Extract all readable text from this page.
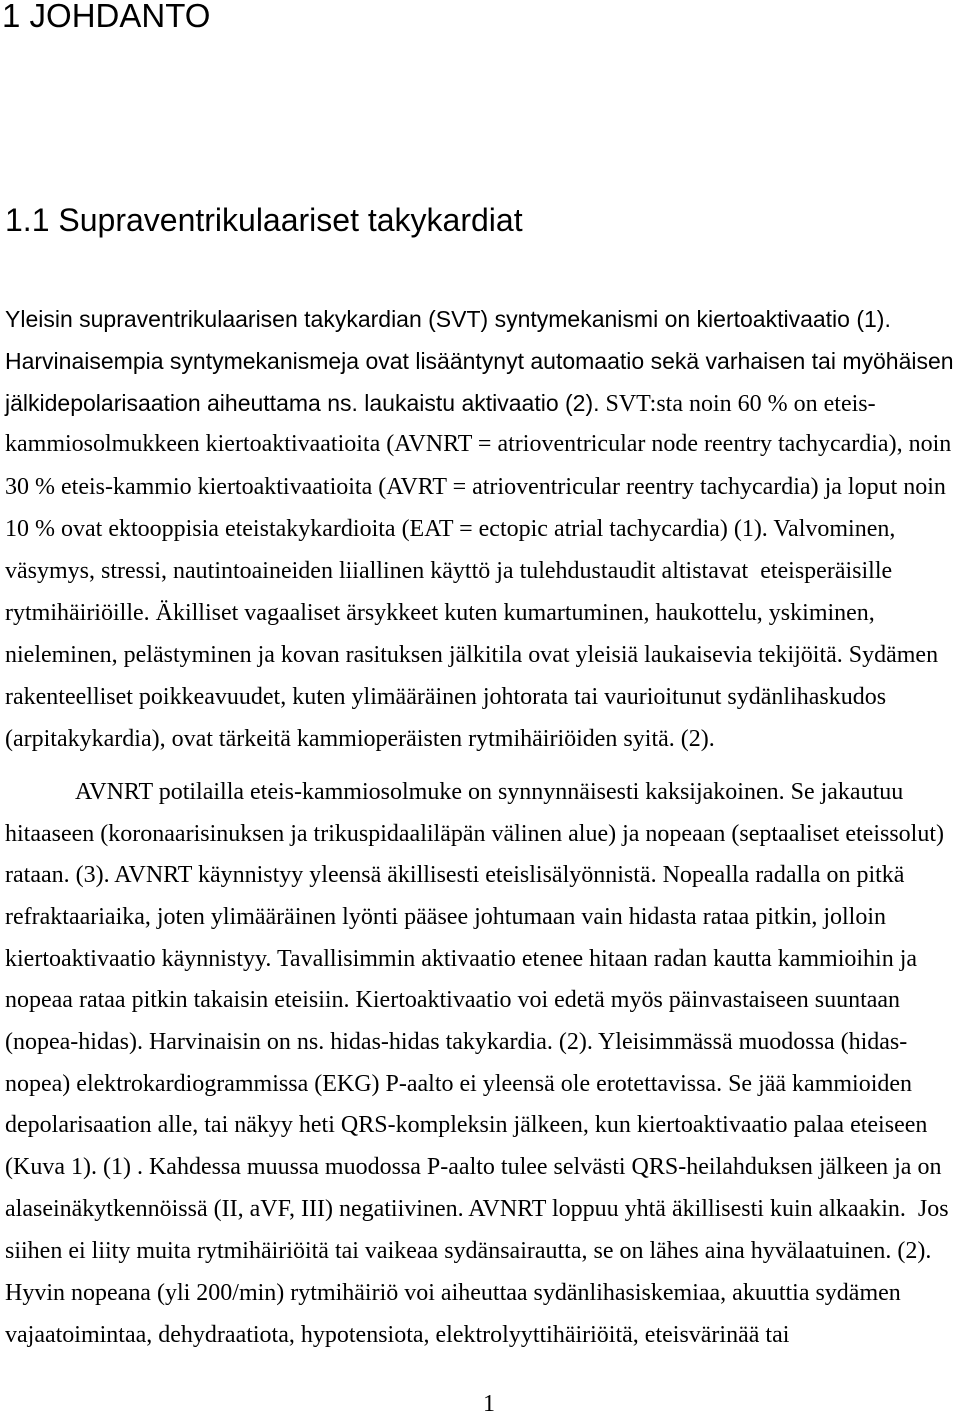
1 JOHDANTO
1.1 Supraventrikulaariset takykardiat
Yleisin supraventrikulaarisen takykardian (SVT) syntymekanismi on kiertoaktivaatio (1).
Harvinaisempia syntymekanismeja ovat lisääntynyt automaatio sekä varhaisen tai myöhäisen
jälkidepolarisaation aiheuttama ns. laukaistu aktivaatio (2). SVT:sta noin 60 % on eteis-
kammiosolmukkeen kiertoaktivaatioita (AVNRT = atrioventricular node reentry tachycardia), noin
30 % eteis-kammio kiertoaktivaatioita (AVRT = atrioventricular reentry tachycardia) ja loput noin
10 % ovat ektooppisia eteistakykardioita (EAT = ectopic atrial tachycardia) (1). Valvominen,
väsymys, stressi, nautintoaineiden liiallinen käyttö ja tulehdustaudit altistavat  eteisperäisille
rytmihäiriöille. Äkilliset vagaaliset ärsykkeet kuten kumartuminen, haukottelu, yskiminen,
nieleminen, pelästyminen ja kovan rasituksen jälkitila ovat yleisiä laukaisevia tekijöitä. Sydämen
rakenteelliset poikkeavuudet, kuten ylimääräinen johtorata tai vaurioitunut sydänlihaskudos
(arpitakykardia), ovat tärkeitä kammioperäisten rytmihäiriöiden syitä. (2).
AVNRT potilailla eteis-kammiosolmuke on synnynnäisesti kaksijakoinen. Se jakautuu
hitaaseen (koronaarisinuksen ja trikuspidaaliläpän välinen alue) ja nopeaan (septaaliset eteissolut)
rataan. (3). AVNRT käynnistyy yleensä äkillisesti eteislisälyönnistä. Nopealla radalla on pitkä
refraktaariaika, joten ylimääräinen lyönti pääsee johtumaan vain hidasta rataa pitkin, jolloin
kiertoaktivaatio käynnistyy. Tavallisimmin aktivaatio etenee hitaan radan kautta kammioihin ja
nopeaa rataa pitkin takaisin eteisiin. Kiertoaktivaatio voi edetä myös päinvastaiseen suuntaan
(nopea-hidas). Harvinaisin on ns. hidas-hidas takykardia. (2). Yleisimmässä muodossa (hidas-
nopea) elektrokardiogrammissa (EKG) P-aalto ei yleensä ole erotettavissa. Se jää kammioiden
depolarisaation alle, tai näkyy heti QRS-kompleksin jälkeen, kun kiertoaktivaatio palaa eteiseen
(Kuva 1). (1) . Kahdessa muussa muodossa P-aalto tulee selvästi QRS-heilahduksen jälkeen ja on
alaseinäkytkennöissä (II, aVF, III) negatiivinen. AVNRT loppuu yhtä äkillisesti kuin alkaakin.  Jos
siihen ei liity muita rytmihäiriöitä tai vaikeaa sydänsairautta, se on lähes aina hyvälaatuinen. (2).
Hyvin nopeana (yli 200/min) rytmihäiriö voi aiheuttaa sydänlihasiskemiaa, akuuttia sydämen
vajaatoimintaa, dehydraatiota, hypotensiota, elektrolyyttihäiriöitä, eteisvärinää tai
1
